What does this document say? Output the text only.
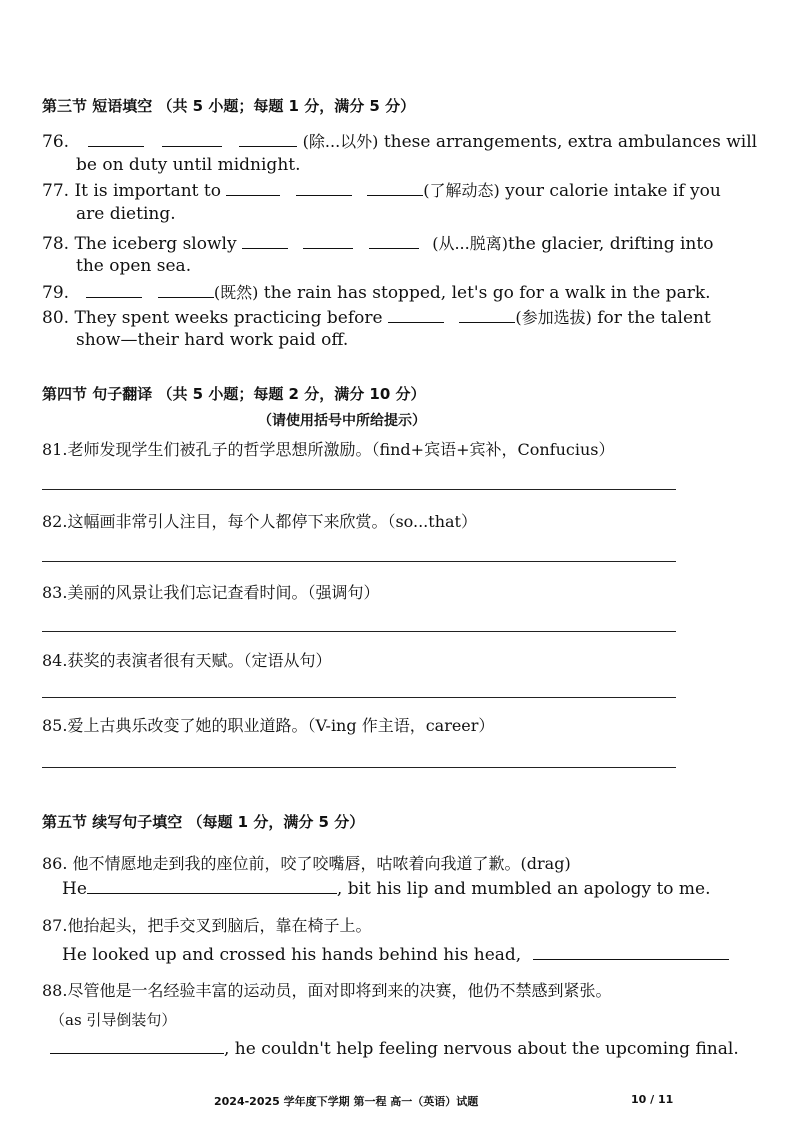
第三节 短语填空 （共 5 小题；每题 1 分，满分 5 分）
76.	(除...以外) these arrangements, extra ambulances will
be on duty until midnight.
77. It is important to	(了解动态) your calorie intake if you
are dieting.
78. The iceberg slowly	(从...脱离)the glacier, drifting into
the open sea.
79.	(既然) the rain has stopped, let's go for a walk in the park.
80. They spent weeks practicing before	(参加选拔) for the talent
show—their hard work paid off.
第四节 句子翻译 （共 5 小题；每题 2 分，满分 10 分）
（请使用括号中所给提示）
81.老师发现学生们被孔子的哲学思想所激励。（find+宾语+宾补，Confucius）
82.这幅画非常引人注目，每个人都停下来欣赏。（so...that）
83.美丽的风景让我们忘记查看时间。（强调句）
84.获奖的表演者很有天赋。（定语从句）
85.爱上古典乐改变了她的职业道路。（V-ing 作主语，career）
第五节 续写句子填空 （每题 1 分，满分 5 分）
86. 他不情愿地走到我的座位前，咬了咬嘴唇，咕哝着向我道了歉。(drag)
He	, bit his lip and mumbled an apology to me.
87.他抬起头，把手交叉到脑后，靠在椅子上。
He looked up and crossed his hands behind his head,
88.尽管他是一名经验丰富的运动员，面对即将到来的决赛，他仍不禁感到紧张。
（as 引导倒装句）
, he couldn't help feeling nervous about the upcoming final.
2024-2025 学年度下学期 第一程 高一（英语）试题	10 / 11
